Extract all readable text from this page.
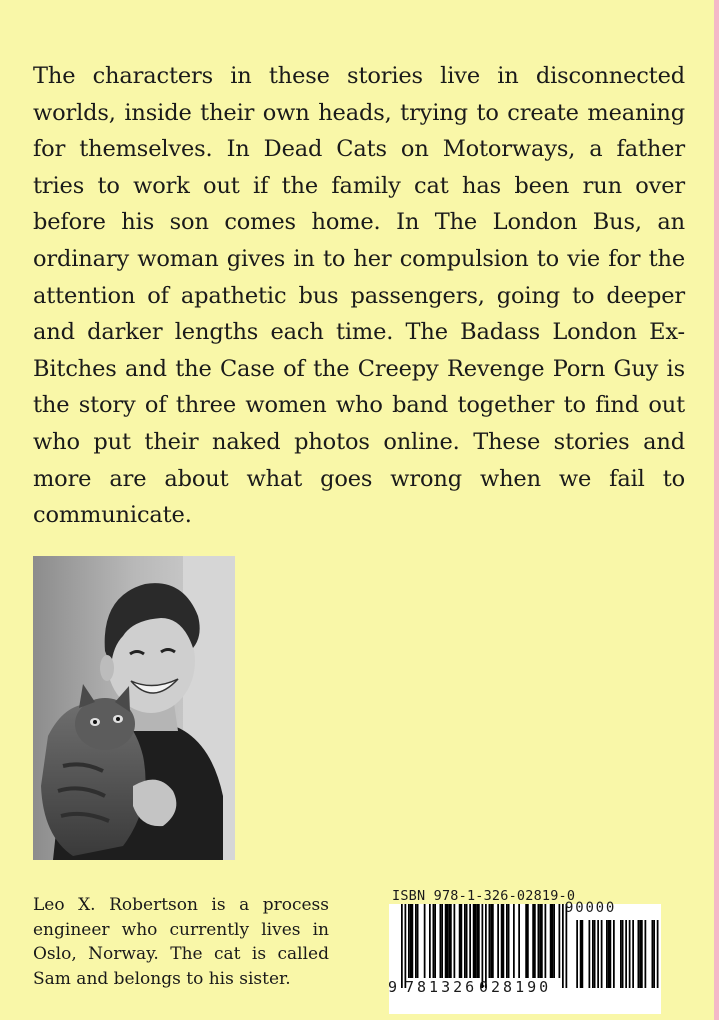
The characters in these stories live in disconnected worlds, inside their own heads, trying to create meaning for themselves. In Dead Cats on Motorways, a father tries to work out if the family cat has been run over before his son comes home. In The London Bus, an ordinary woman gives in to her compulsion to vie for the attention of apathetic bus passengers, going to deeper and darker lengths each time. The Badass London Ex-Bitches and the Case of the Creepy Revenge Porn Guy is the story of three women who band together to find out who put their naked photos online. These stories and more are about what goes wrong when we fail to communicate.

Leo X. Robertson is a process engineer who currently lives in Oslo, Norway. The cat is called Sam and belongs to his sister.

ISBN 978-1-326-02819-0
9 781326 028190
90000
